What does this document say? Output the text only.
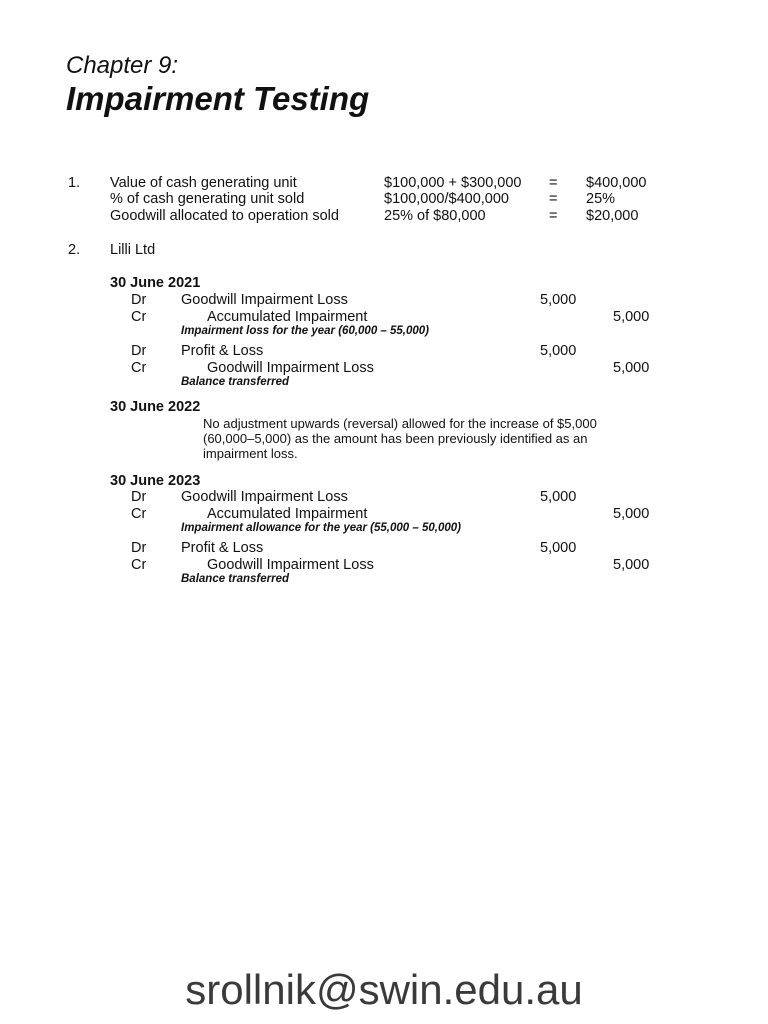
Chapter 9:
Impairment Testing
1. Value of cash generating unit	$100,000 + $300,000 = $400,000
% of cash generating unit sold	$100,000/$400,000	= 25%
Goodwill allocated to operation sold	25% of $80,000	= $20,000
2. Lilli Ltd
30 June 2021
Dr Goodwill Impairment Loss	5,000
Cr	Accumulated Impairment	5,000
Impairment loss for the year (60,000 – 55,000)
Dr Profit & Loss	5,000
Cr	Goodwill Impairment Loss	5,000
Balance transferred
30 June 2022
No adjustment upwards (reversal) allowed for the increase of $5,000
(60,000–5,000) as the amount has been previously identified as an
impairment loss.
30 June 2023
Dr Goodwill Impairment Loss	5,000
Cr	Accumulated Impairment	5,000
Impairment allowance for the year (55,000 – 50,000)
Dr Profit & Loss	5,000
Cr	Goodwill Impairment Loss	5,000
Balance transferred
srollnik@swin.edu.au
